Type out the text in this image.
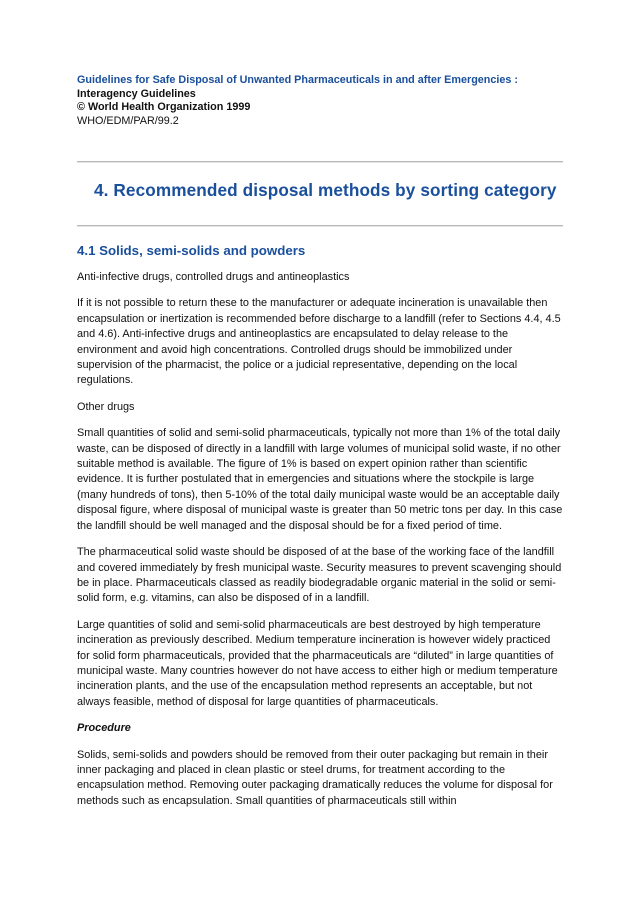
Guidelines for Safe Disposal of Unwanted Pharmaceuticals in and after Emergencies :
Interagency Guidelines
© World Health Organization 1999
WHO/EDM/PAR/99.2
4. Recommended disposal methods by sorting category
4.1 Solids, semi-solids and powders

Anti-infective drugs, controlled drugs and antineoplastics

If it is not possible to return these to the manufacturer or adequate incineration is unavailable then encapsulation or inertization is recommended before discharge to a landfill (refer to Sections 4.4, 4.5 and 4.6). Anti-infective drugs and antineoplastics are encapsulated to delay release to the environment and avoid high concentrations. Controlled drugs should be immobilized under supervision of the pharmacist, the police or a judicial representative, depending on the local regulations.

Other drugs

Small quantities of solid and semi-solid pharmaceuticals, typically not more than 1% of the total daily waste, can be disposed of directly in a landfill with large volumes of municipal solid waste, if no other suitable method is available. The figure of 1% is based on expert opinion rather than scientific evidence. It is further postulated that in emergencies and situations where the stockpile is large (many hundreds of tons), then 5-10% of the total daily municipal waste would be an acceptable daily disposal figure, where disposal of municipal waste is greater than 50 metric tons per day. In this case the landfill should be well managed and the disposal should be for a fixed period of time.

The pharmaceutical solid waste should be disposed of at the base of the working face of the landfill and covered immediately by fresh municipal waste. Security measures to prevent scavenging should be in place. Pharmaceuticals classed as readily biodegradable organic material in the solid or semi-solid form, e.g. vitamins, can also be disposed of in a landfill.

Large quantities of solid and semi-solid pharmaceuticals are best destroyed by high temperature incineration as previously described. Medium temperature incineration is however widely practiced for solid form pharmaceuticals, provided that the pharmaceuticals are “diluted” in large quantities of municipal waste. Many countries however do not have access to either high or medium temperature incineration plants, and the use of the encapsulation method represents an acceptable, but not always feasible, method of disposal for large quantities of pharmaceuticals.

Procedure

Solids, semi-solids and powders should be removed from their outer packaging but remain in their inner packaging and placed in clean plastic or steel drums, for treatment according to the encapsulation method. Removing outer packaging dramatically reduces the volume for disposal for methods such as encapsulation. Small quantities of pharmaceuticals still within
